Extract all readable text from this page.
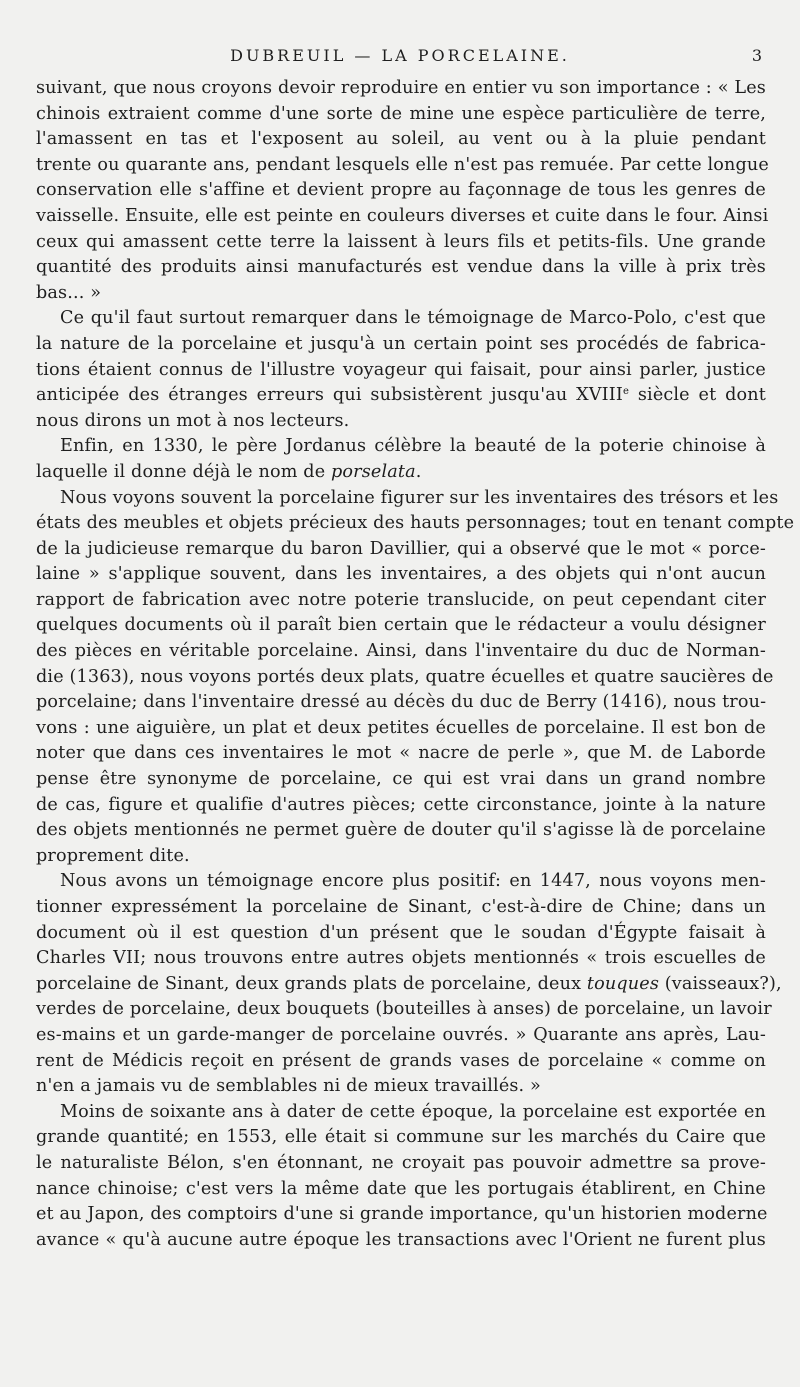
DUBREUIL — LA PORCELAINE.	3
suivant, que nous croyons devoir reproduire en entier vu son importance : « Les
chinois extraient comme d'une sorte de mine une espèce particulière de terre,
l'amassent en tas et l'exposent au soleil, au vent ou à la pluie pendant
trente ou quarante ans, pendant lesquels elle n'est pas remuée. Par cette longue
conservation elle s'affine et devient propre au façonnage de tous les genres de
vaisselle. Ensuite, elle est peinte en couleurs diverses et cuite dans le four. Ainsi
ceux qui amassent cette terre la laissent à leurs fils et petits-fils. Une grande
quantité des produits ainsi manufacturés est vendue dans la ville à prix très
bas... »
Ce qu'il faut surtout remarquer dans le témoignage de Marco-Polo, c'est que
la nature de la porcelaine et jusqu'à un certain point ses procédés de fabrica-
tions étaient connus de l'illustre voyageur qui faisait, pour ainsi parler, justice
anticipée des étranges erreurs qui subsistèrent jusqu'au XVIIIe siècle et dont
nous dirons un mot à nos lecteurs.
Enfin, en 1330, le père Jordanus célèbre la beauté de la poterie chinoise à
laquelle il donne déjà le nom de porselata.
Nous voyons souvent la porcelaine figurer sur les inventaires des trésors et les
états des meubles et objets précieux des hauts personnages; tout en tenant compte
de la judicieuse remarque du baron Davillier, qui a observé que le mot « porce-
laine » s'applique souvent, dans les inventaires, a des objets qui n'ont aucun
rapport de fabrication avec notre poterie translucide, on peut cependant citer
quelques documents où il paraît bien certain que le rédacteur a voulu désigner
des pièces en véritable porcelaine. Ainsi, dans l'inventaire du duc de Norman-
die (1363), nous voyons portés deux plats, quatre écuelles et quatre saucières de
porcelaine; dans l'inventaire dressé au décès du duc de Berry (1416), nous trou-
vons : une aiguière, un plat et deux petites écuelles de porcelaine. Il est bon de
noter que dans ces inventaires le mot « nacre de perle », que M. de Laborde
pense être synonyme de porcelaine, ce qui est vrai dans un grand nombre
de cas, figure et qualifie d'autres pièces; cette circonstance, jointe à la nature
des objets mentionnés ne permet guère de douter qu'il s'agisse là de porcelaine
proprement dite.
Nous avons un témoignage encore plus positif: en 1447, nous voyons men-
tionner expressément la porcelaine de Sinant, c'est-à-dire de Chine; dans un
document où il est question d'un présent que le soudan d'Égypte faisait à
Charles VII; nous trouvons entre autres objets mentionnés « trois escuelles de
porcelaine de Sinant, deux grands plats de porcelaine, deux touques (vaisseaux?),
verdes de porcelaine, deux bouquets (bouteilles à anses) de porcelaine, un lavoir
es-mains et un garde-manger de porcelaine ouvrés. » Quarante ans après, Lau-
rent de Médicis reçoit en présent de grands vases de porcelaine « comme on
n'en a jamais vu de semblables ni de mieux travaillés. »
Moins de soixante ans à dater de cette époque, la porcelaine est exportée en
grande quantité; en 1553, elle était si commune sur les marchés du Caire que
le naturaliste Bélon, s'en étonnant, ne croyait pas pouvoir admettre sa prove-
nance chinoise; c'est vers la même date que les portugais établirent, en Chine
et au Japon, des comptoirs d'une si grande importance, qu'un historien moderne
avance « qu'à aucune autre époque les transactions avec l'Orient ne furent plus
